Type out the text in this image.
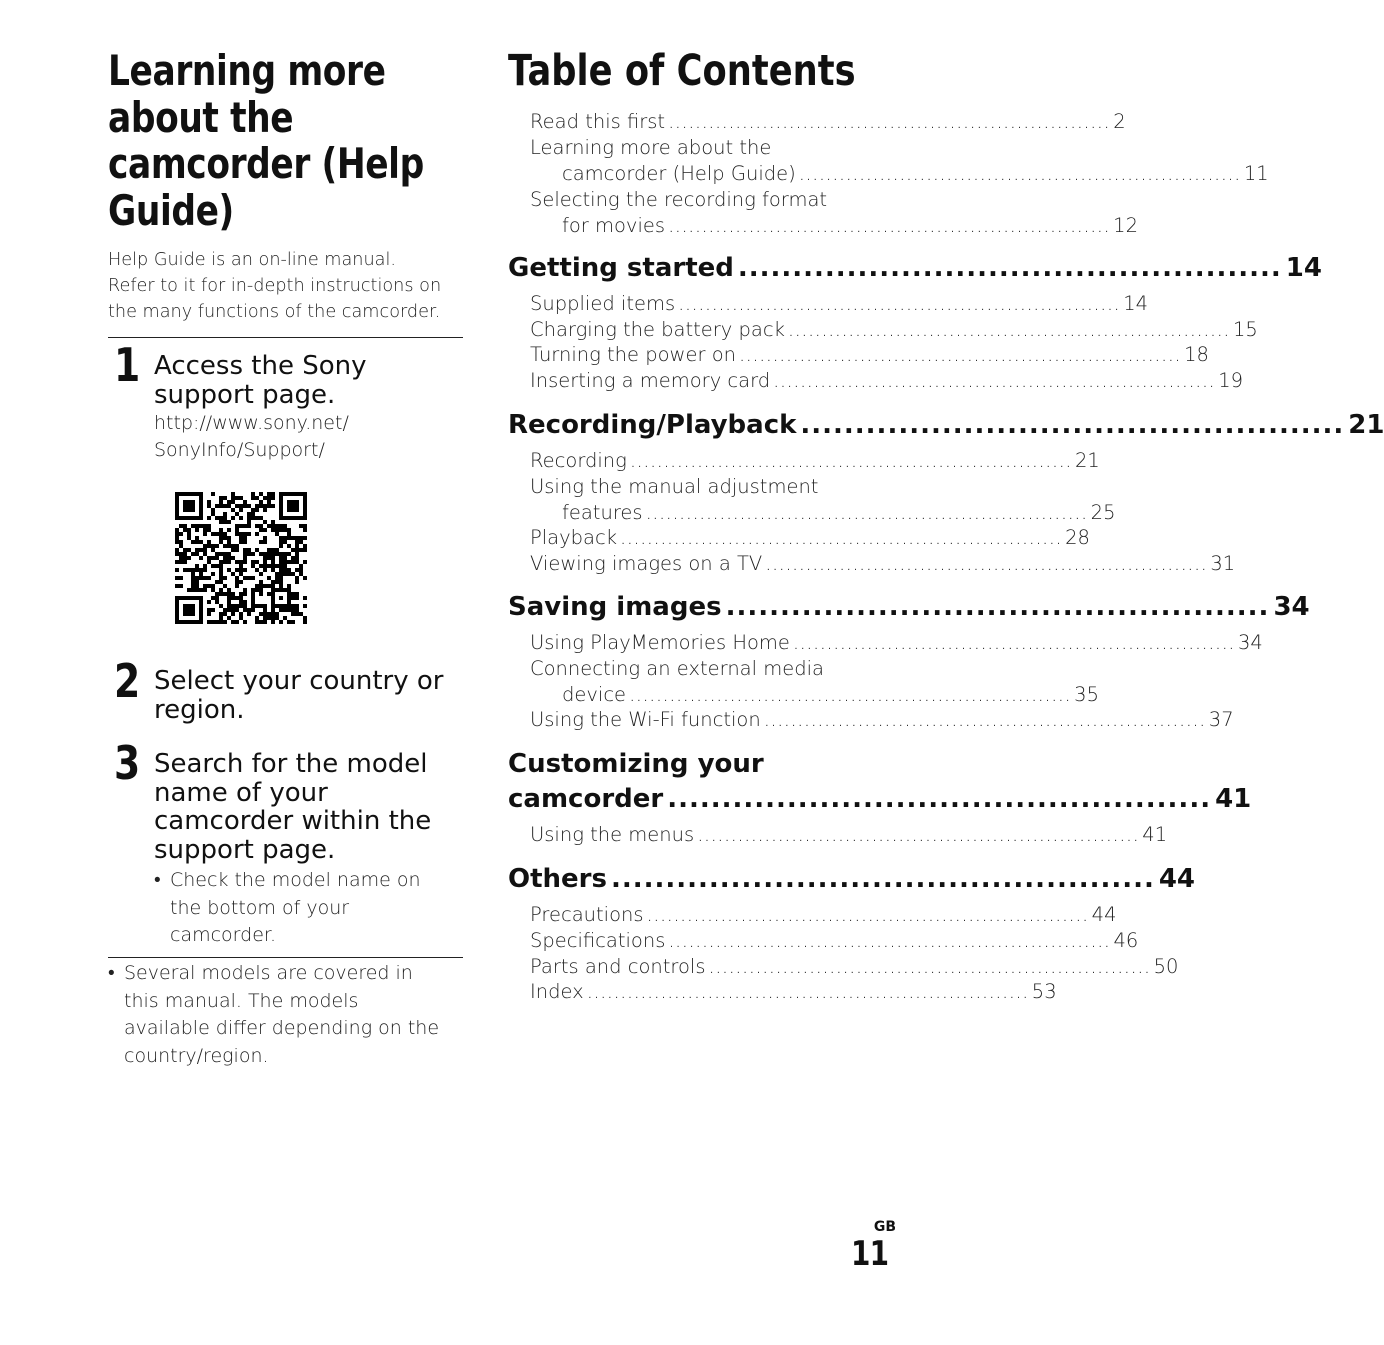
Learning more
about the
camcorder (Help
Guide)
Help Guide is an on-line manual.
Refer to it for in-depth instructions on
the many functions of the camcorder.
1 Access the Sony
support page.
http://www.sony.net/
SonyInfo/Support/
2 Select your country or
region.
3 Search for the model
name of your
camcorder within the
support page.
• Check the model name on
the bottom of your
camcorder.
• Several models are covered in
this manual. The models
available differ depending on the
country/region.
Table of Contents
Read this first .................................................................. 2
Learning more about the
camcorder (Help Guide) .................................................................. 11
Selecting the recording format
for movies .................................................................. 12
Getting started .................................................. 14
Supplied items .................................................................. 14
Charging the battery pack .................................................................. 15
Turning the power on .................................................................. 18
Inserting a memory card .................................................................. 19
Recording/Playback .................................................. 21
Recording .................................................................. 21
Using the manual adjustment
features .................................................................. 25
Playback .................................................................. 28
Viewing images on a TV .................................................................. 31
Saving images .................................................. 34
Using PlayMemories Home .................................................................. 34
Connecting an external media
device .................................................................. 35
Using the Wi-Fi function .................................................................. 37
Customizing your
camcorder .................................................. 41
Using the menus .................................................................. 41
Others .................................................. 44
Precautions .................................................................. 44
Specifications .................................................................. 46
Parts and controls .................................................................. 50
Index .................................................................. 53
GB
11
